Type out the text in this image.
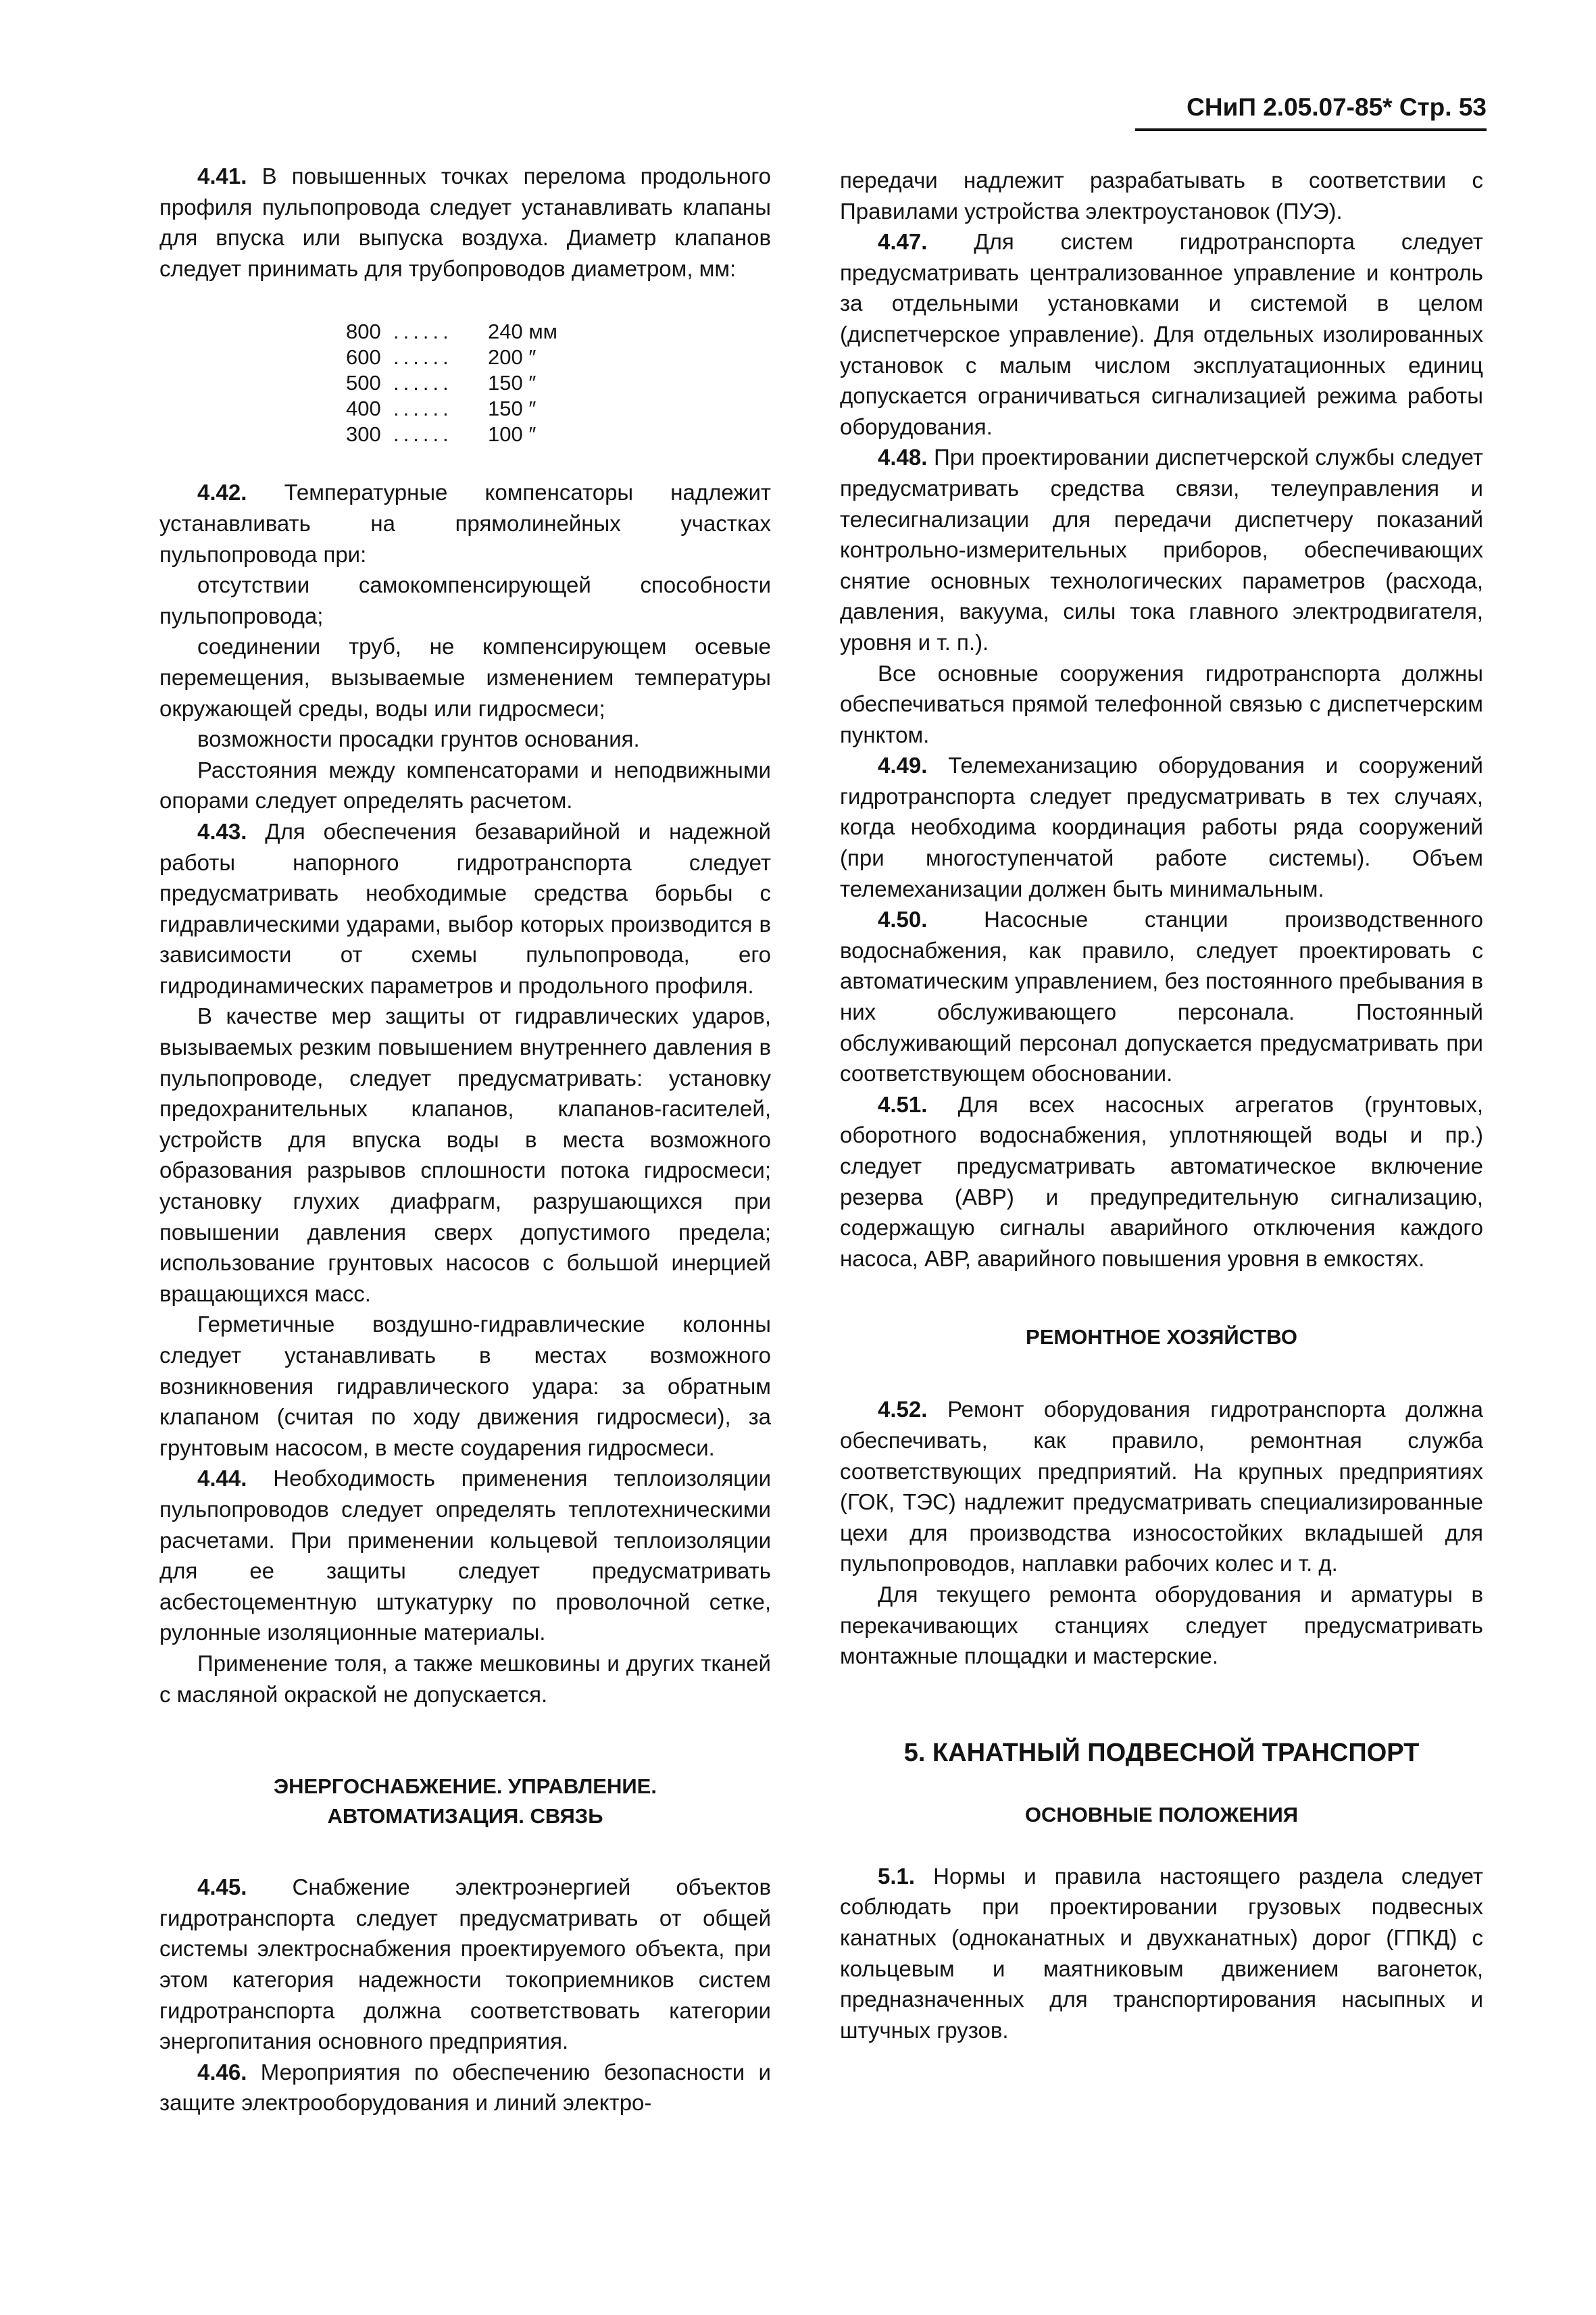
СНиП 2.05.07-85* Стр. 53

4.41. В повышенных точках перелома продольного профиля пульпопровода следует устанавливать клапаны для впуска или выпуска воздуха. Диаметр клапанов следует принимать для трубопроводов диаметром, мм:

800	......	240 мм
600	......	200 ″
500	......	150 ″
400	......	150 ″
300	......	100 ″

4.42. Температурные компенсаторы надлежит устанавливать на прямолинейных участках пульпопровода при:

отсутствии самокомпенсирующей способности пульпопровода;

соединении труб, не компенсирующем осевые перемещения, вызываемые изменением температуры окружающей среды, воды или гидросмеси;

возможности просадки грунтов основания.

Расстояния между компенсаторами и неподвижными опорами следует определять расчетом.

4.43. Для обеспечения безаварийной и надежной работы напорного гидротранспорта следует предусматривать необходимые средства борьбы с гидравлическими ударами, выбор которых производится в зависимости от схемы пульпопровода, его гидродинамических параметров и продольного профиля.

В качестве мер защиты от гидравлических ударов, вызываемых резким повышением внутреннего давления в пульпопроводе, следует предусматривать: установку предохранительных клапанов, клапанов-гасителей, устройств для впуска воды в места возможного образования разрывов сплошности потока гидросмеси; установку глухих диафрагм, разрушающихся при повышении давления сверх допустимого предела; использование грунтовых насосов с большой инерцией вращающихся масс.

Герметичные воздушно-гидравлические колонны следует устанавливать в местах возможного возникновения гидравлического удара: за обратным клапаном (считая по ходу движения гидросмеси), за грунтовым насосом, в месте соударения гидросмеси.

4.44. Необходимость применения теплоизоляции пульпопроводов следует определять теплотехническими расчетами. При применении кольцевой теплоизоляции для ее защиты следует предусматривать асбестоцементную штукатурку по проволочной сетке, рулонные изоляционные материалы.

Применение толя, а также мешковины и других тканей с масляной окраской не допускается.

ЭНЕРГОСНАБЖЕНИЕ. УПРАВЛЕНИЕ.
АВТОМАТИЗАЦИЯ. СВЯЗЬ

4.45. Снабжение электроэнергией объектов гидротранспорта следует предусматривать от общей системы электроснабжения проектируемого объекта, при этом категория надежности токоприемников систем гидротранспорта должна соответствовать категории энергопитания основного предприятия.

4.46. Мероприятия по обеспечению безопасности и защите электрооборудования и линий электро-

передачи надлежит разрабатывать в соответствии с Правилами устройства электроустановок (ПУЭ).

4.47. Для систем гидротранспорта следует предусматривать централизованное управление и контроль за отдельными установками и системой в целом (диспетчерское управление). Для отдельных изолированных установок с малым числом эксплуатационных единиц допускается ограничиваться сигнализацией режима работы оборудования.

4.48. При проектировании диспетчерской службы следует предусматривать средства связи, телеуправления и телесигнализации для передачи диспетчеру показаний контрольно-измерительных приборов, обеспечивающих снятие основных технологических параметров (расхода, давления, вакуума, силы тока главного электродвигателя, уровня и т. п.).

Все основные сооружения гидротранспорта должны обеспечиваться прямой телефонной связью с диспетчерским пунктом.

4.49. Телемеханизацию оборудования и сооружений гидротранспорта следует предусматривать в тех случаях, когда необходима координация работы ряда сооружений (при многоступенчатой работе системы). Объем телемеханизации должен быть минимальным.

4.50.	Насосные станции производственного водоснабжения, как правило, следует проектировать с автоматическим управлением, без постоянного пребывания в них обслуживающего персонала. Постоянный обслуживающий персонал допускается предусматривать при соответствующем обосновании.

4.51. Для всех насосных агрегатов (грунтовых, оборотного водоснабжения, уплотняющей воды и пр.) следует предусматривать автоматическое включение резерва (АВР) и предупредительную сигнализацию, содержащую сигналы аварийного отключения каждого насоса, АВР, аварийного повышения уровня в емкостях.

РЕМОНТНОЕ ХОЗЯЙСТВО

4.52. Ремонт оборудования гидротранспорта должна обеспечивать, как правило, ремонтная служба соответствующих предприятий. На крупных предприятиях (ГОК, ТЭС) надлежит предусматривать специализированные цехи для производства износостойких вкладышей для пульпопроводов, наплавки рабочих колес и т. д.

Для текущего ремонта оборудования и арматуры в перекачивающих станциях следует предусматривать монтажные площадки и мастерские.

5. КАНАТНЫЙ ПОДВЕСНОЙ ТРАНСПОРТ
ОСНОВНЫЕ ПОЛОЖЕНИЯ

5.1. Нормы и правила настоящего раздела следует соблюдать при проектировании грузовых подвесных канатных (одноканатных и двухканатных) дорог (ГПКД) с кольцевым и маятниковым движением вагонеток, предназначенных для транспортирования насыпных и штучных грузов.
